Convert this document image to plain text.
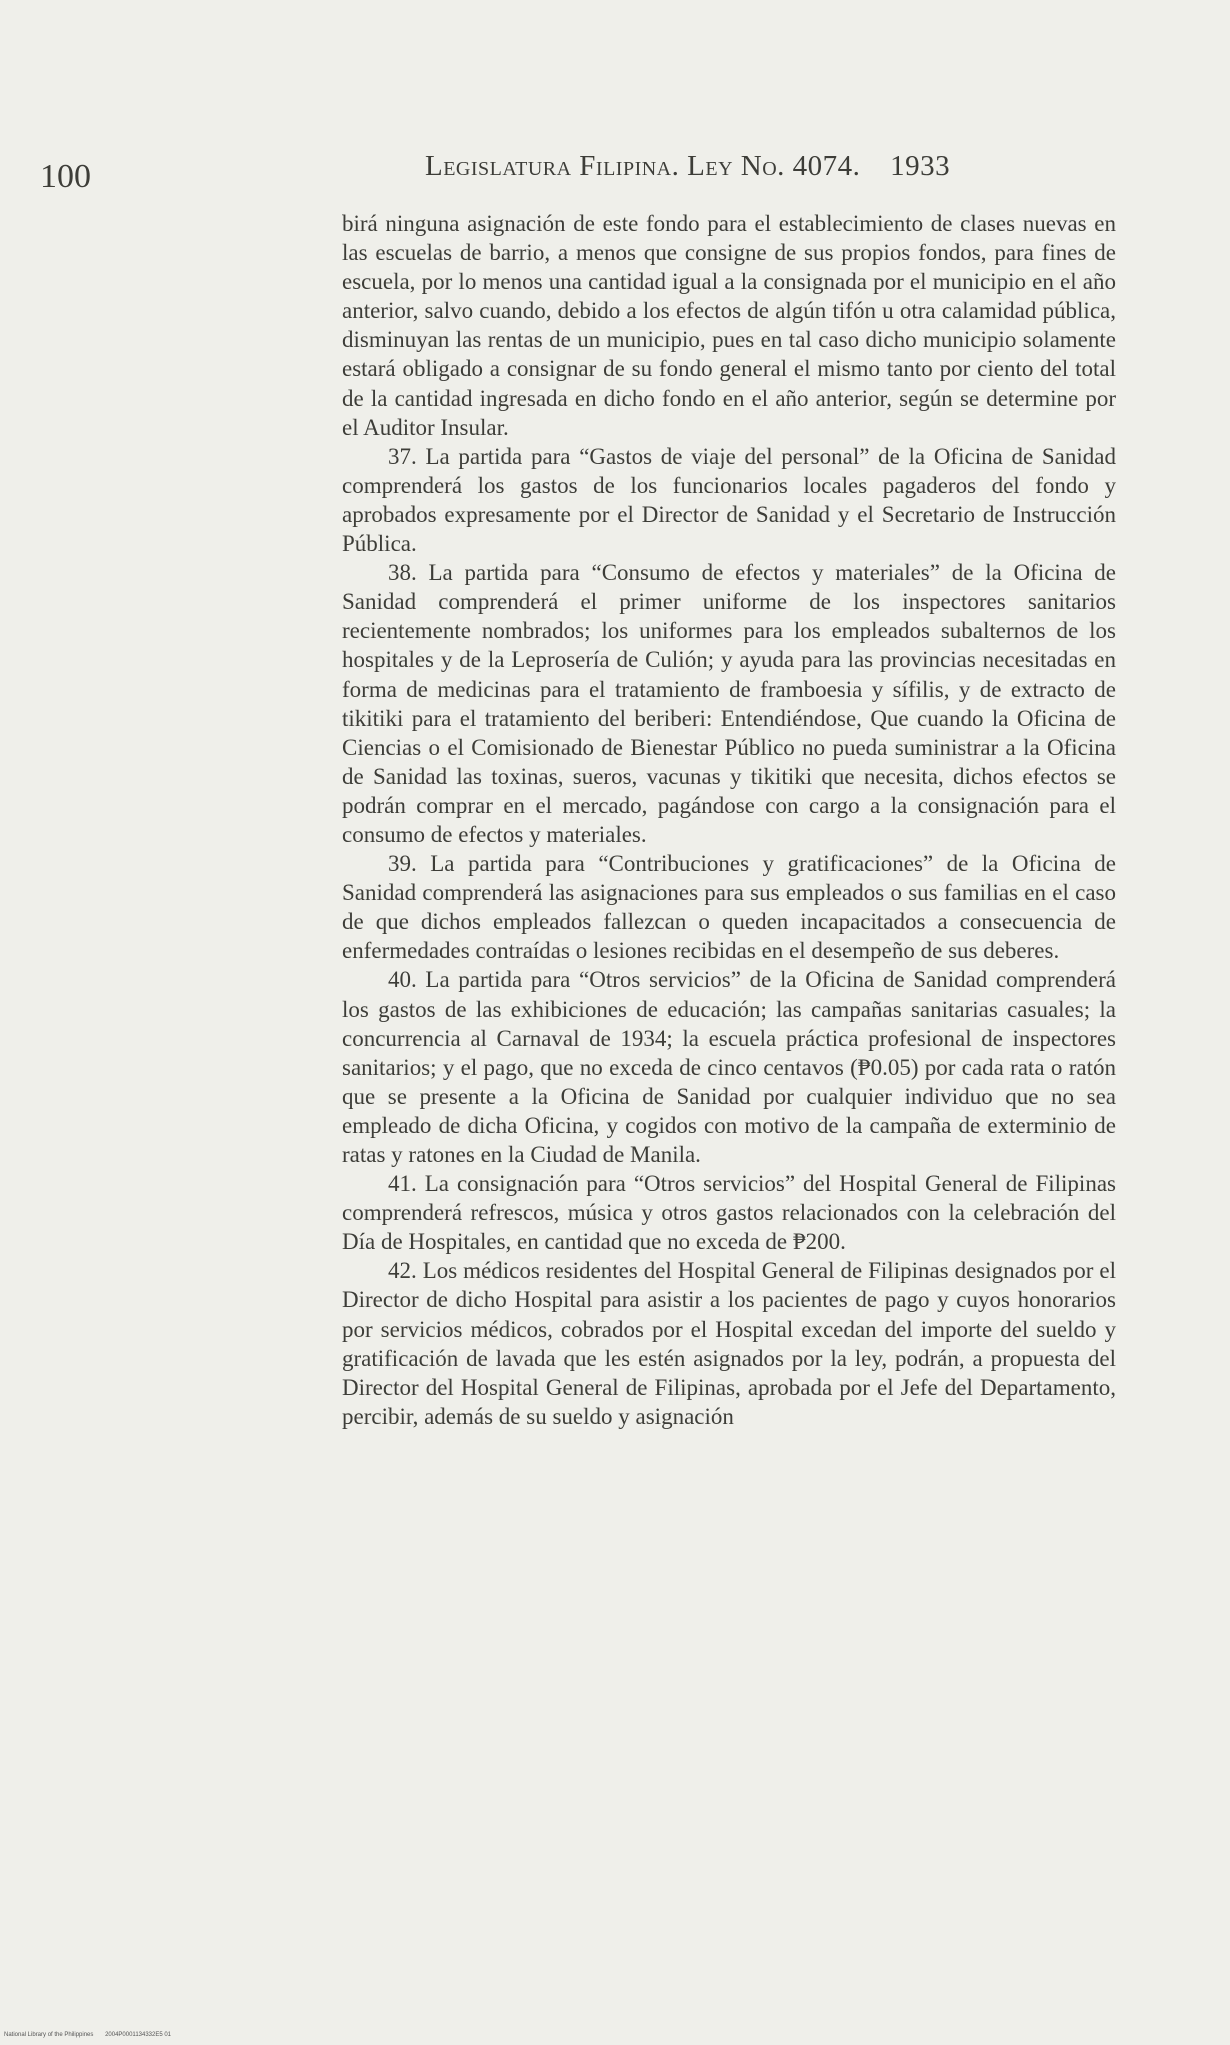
100	Legislatura Filipina. Ley No. 4074. 1933

birá ninguna asignación de este fondo para el establecimiento de clases nuevas en las escuelas de barrio, a menos que consigne de sus propios fondos, para fines de escuela, por lo menos una cantidad igual a la consignada por el municipio en el año anterior, salvo cuando, debido a los efectos de algún tifón u otra calamidad pública, disminuyan las rentas de un municipio, pues en tal caso dicho municipio solamente estará obligado a consignar de su fondo general el mismo tanto por ciento del total de la cantidad ingresada en dicho fondo en el año anterior, según se determine por el Auditor Insular.

37. La partida para “Gastos de viaje del personal” de la Oficina de Sanidad comprenderá los gastos de los funcionarios locales pagaderos del fondo y aprobados expresamente por el Director de Sanidad y el Secretario de Instrucción Pública.

38. La partida para “Consumo de efectos y materiales” de la Oficina de Sanidad comprenderá el primer uniforme de los inspectores sanitarios recientemente nombrados; los uniformes para los empleados subalternos de los hospitales y de la Leprosería de Culión; y ayuda para las provincias necesitadas en forma de medicinas para el tratamiento de framboesia y sífilis, y de extracto de tikitiki para el tratamiento del beriberi: Entendiéndose, Que cuando la Oficina de Ciencias o el Comisionado de Bienestar Público no pueda suministrar a la Oficina de Sanidad las toxinas, sueros, vacunas y tikitiki que necesita, dichos efectos se podrán comprar en el mercado, pagándose con cargo a la consignación para el consumo de efectos y materiales.

39. La partida para “Contribuciones y gratificaciones” de la Oficina de Sanidad comprenderá las asignaciones para sus empleados o sus familias en el caso de que dichos empleados fallezcan o queden incapacitados a consecuencia de enfermedades contraídas o lesiones recibidas en el desempeño de sus deberes.

40. La partida para “Otros servicios” de la Oficina de Sanidad comprenderá los gastos de las exhibiciones de educación; las campañas sanitarias casuales; la concurrencia al Carnaval de 1934; la escuela práctica profesional de inspectores sanitarios; y el pago, que no exceda de cinco centavos (₱0.05) por cada rata o ratón que se presente a la Oficina de Sanidad por cualquier individuo que no sea empleado de dicha Oficina, y cogidos con motivo de la campaña de exterminio de ratas y ratones en la Ciudad de Manila.

41. La consignación para “Otros servicios” del Hospital General de Filipinas comprenderá refrescos, música y otros gastos relacionados con la celebración del Día de Hospitales, en cantidad que no exceda de ₱200.

42. Los médicos residentes del Hospital General de Filipinas designados por el Director de dicho Hospital para asistir a los pacientes de pago y cuyos honorarios por servicios médicos, cobrados por el Hospital excedan del importe del sueldo y gratificación de lavada que les estén asignados por la ley, podrán, a propuesta del Director del Hospital General de Filipinas, aprobada por el Jefe del Departamento, percibir, además de su sueldo y asignación

National Library of the Philippines 2004P0001134332E5 01
